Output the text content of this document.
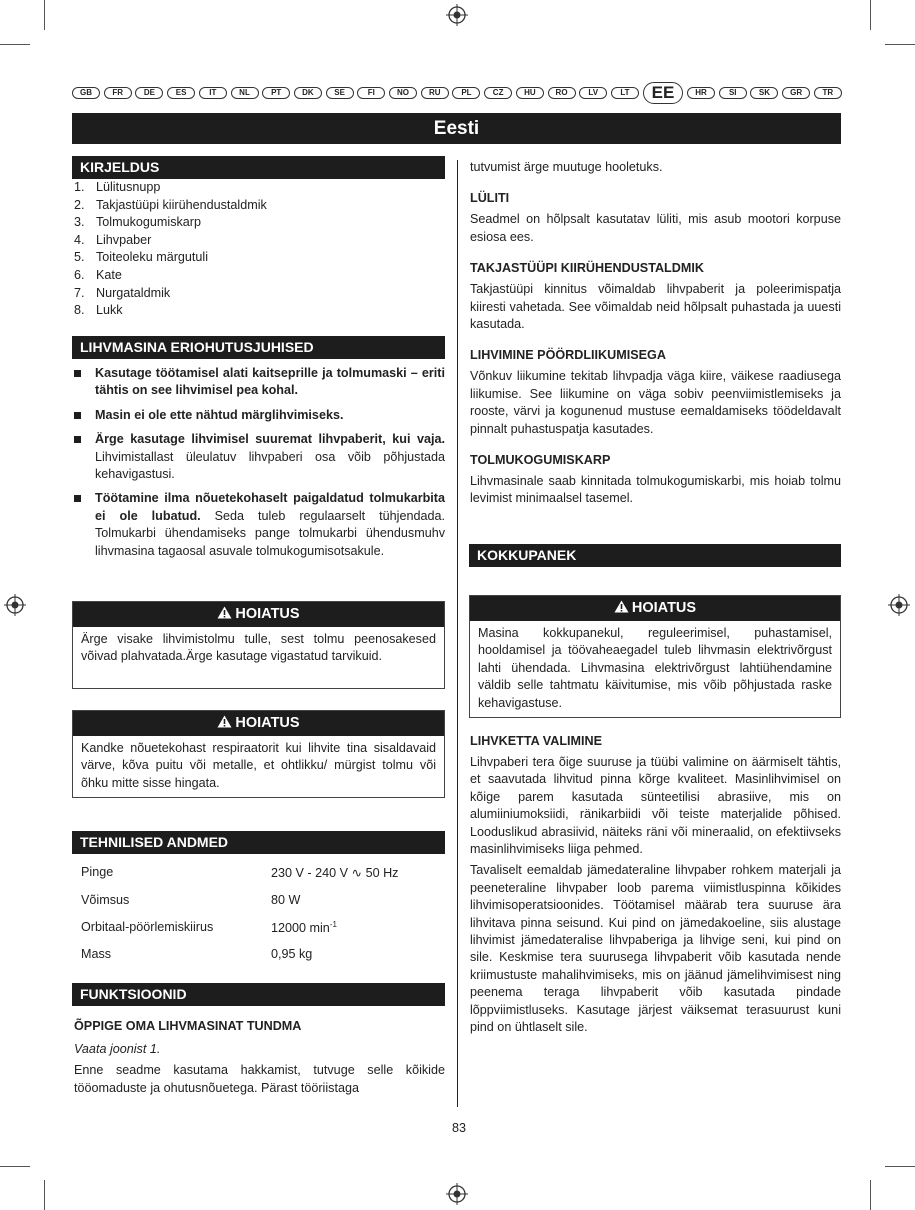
GB	FR	DE	ES	IT	NL	PT	DK	SE	FI	NO	RU	PL	CZ	HU	RO	LV	LT	EE	HR	SI	SK	GR	TR
Eesti
KIRJELDUS
1. Lülitusnupp
2. Takjastüüpi kiirühendustaldmik
3. Tolmukogumiskarp
4. Lihvpaber
5. Toiteoleku märgutuli
6. Kate
7. Nurgataldmik
8. Lukk
LIHVMASINA ERIOHUTUSJUHISED
Kasutage töötamisel alati kaitseprille ja tolmumaski – eriti tähtis on see lihvimisel pea kohal.
Masin ei ole ette nähtud märglihvimiseks.
Ärge kasutage lihvimisel suuremat lihvpaberit, kui vaja. Lihvimistallast üleulatuv lihvpaberi osa võib põhjustada kehavigastusi.
Töötamine ilma nõuetekohaselt paigaldatud tolmukarbita ei ole lubatud. Seda tuleb regulaarselt tühjendada. Tolmukarbi ühendamiseks pange tolmukarbi ühendusmuhv lihvmasina tagaosal asuvale tolmukogumisotsakule.
HOIATUS
Ärge visake lihvimistolmu tulle, sest tolmu peenosakesed võivad plahvatada.Ärge kasutage vigastatud tarvikuid.
HOIATUS
Kandke nõuetekohast respiraatorit kui lihvite tina sisaldavaid värve, kõva puitu või metalle, et ohtlikku/ mürgist tolmu või õhku mitte sisse hingata.
TEHNILISED ANDMED
Pinge	230 V - 240 V ∿ 50 Hz
Võimsus	80 W
Orbitaal-pöörlemiskiirus	12000 $\min^{-1}$
Mass	0,95 kg
FUNKTSIOONID

ÕPPIGE OMA LIHVMASINAT TUNDMA

Vaata joonist 1.

Enne seadme kasutama hakkamist, tutvuge selle kõikide tööomaduste ja ohutusnõuetega. Pärast tööriistaga

tutvumist ärge muutuge hooletuks.

LÜLITI

Seadmel on hõlpsalt kasutatav lüliti, mis asub mootori korpuse esiosa ees.

TAKJASTÜÜPI KIIRÜHENDUSTALDMIK

Takjastüüpi kinnitus võimaldab lihvpaberit ja poleerimispatja kiiresti vahetada. See võimaldab neid hõlpsalt puhastada ja uuesti kasutada.

LIHVIMINE PÖÖRDLIIKUMISEGA

Võnkuv liikumine tekitab lihvpadja väga kiire, väikese raadiusega liikumise. See liikumine on väga sobiv peenviimistlemiseks ja rooste, värvi ja kogunenud mustuse eemaldamiseks töödeldavalt pinnalt puhastuspatja kasutades.

TOLMUKOGUMISKARP

Lihvmasinale saab kinnitada tolmukogumiskarbi, mis hoiab tolmu levimist minimaalsel tasemel.

KOKKUPANEK
HOIATUS
Masina kokkupanekul, reguleerimisel, puhastamisel, hooldamisel ja töövaheaegadel tuleb lihvmasin elektrivõrgust lahti ühendada. Lihvmasina elektrivõrgust lahtiühendamine väldib selle tahtmatu käivitumise, mis võib põhjustada raske kehavigastuse.

LIHVKETTA VALIMINE

Lihvpaberi tera õige suuruse ja tüübi valimine on äärmiselt tähtis, et saavutada lihvitud pinna kõrge kvaliteet. Masinlihvimisel on kõige parem kasutada sünteetilisi abrasiive, mis on alumiiniumoksiidi, ränikarbiidi või teiste materjalide põhised. Looduslikud abrasiivid, näiteks räni või mineraalid, on efektiivseks masinlihvimiseks liiga pehmed.

Tavaliselt eemaldab jämedateraline lihvpaber rohkem materjali ja peeneteraline lihvpaber loob parema viimistluspinna kõikides lihvimisoperatsioonides. Töötamisel määrab tera suuruse ära lihvitava pinna seisund. Kui pind on jämedakoeline, siis alustage lihvimist jämedateralise lihvpaberiga ja lihvige seni, kui pind on sile. Keskmise tera suurusega lihvpaberit võib kasutada nende kriimustuste mahalihvimiseks, mis on jäänud jämelihvimisest ning peenema teraga lihvpaberit võib kasutada pindade lõppviimistluseks. Kasutage järjest väiksemat terasuurust kuni pind on ühtlaselt sile.

83
